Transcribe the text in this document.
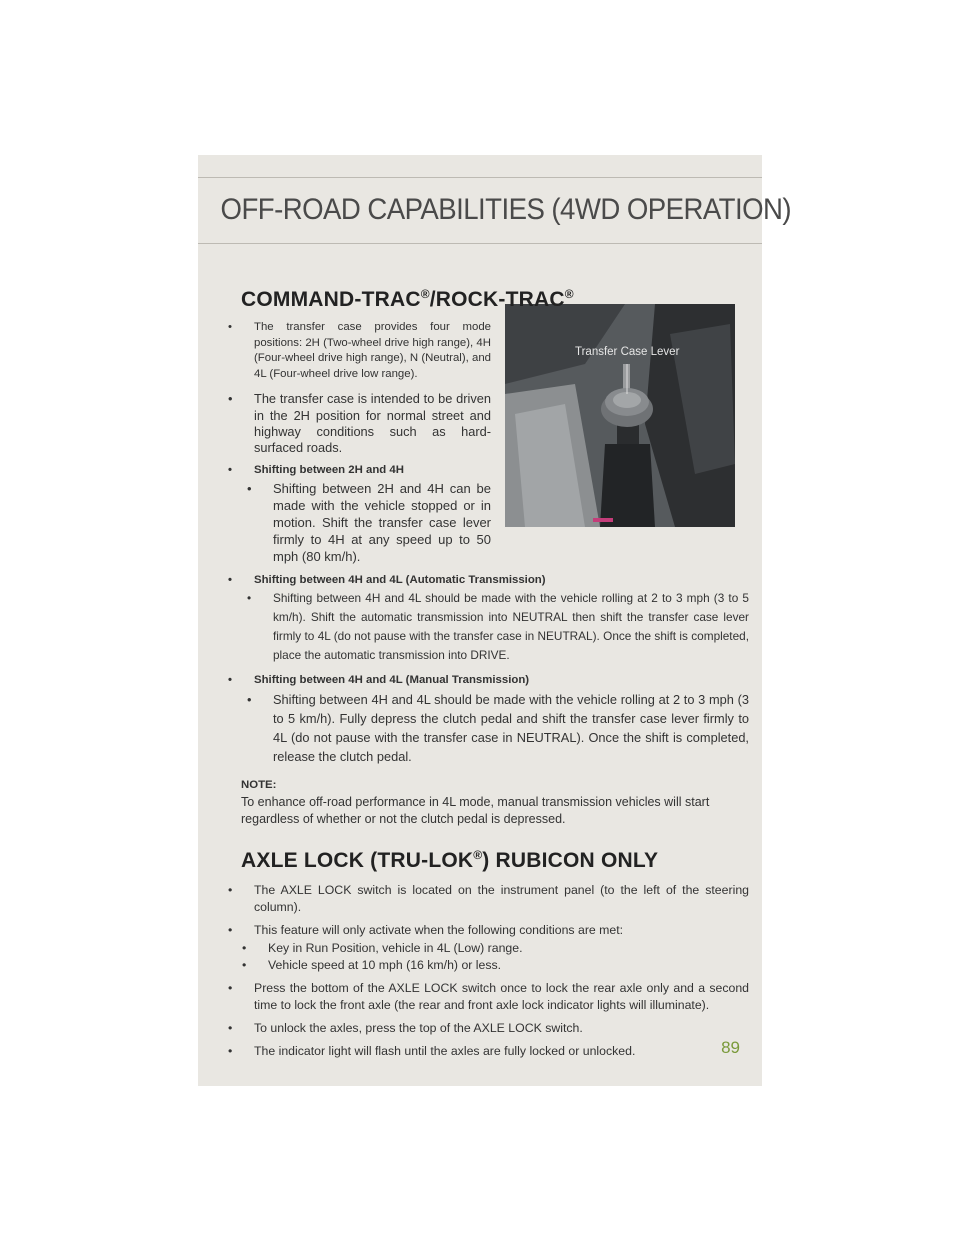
OFF-ROAD CAPABILITIES (4WD OPERATION)
Transfer Case Lever
COMMAND-TRAC®/ROCK-TRAC®

• The transfer case provides four mode positions: 2H (Two-wheel drive high range), 4H (Four-wheel drive high range), N (Neutral), and 4L (Four-wheel drive low range).

• The transfer case is intended to be driven in the 2H position for normal street and highway conditions such as hard-surfaced roads.

• Shifting between 2H and 4H

• Shifting between 2H and 4H can be made with the vehicle stopped or in motion. Shift the transfer case lever firmly to 4H at any speed up to 50 mph (80 km/h).

• Shifting between 4H and 4L (Automatic Transmission)

• Shifting between 4H and 4L should be made with the vehicle rolling at 2 to 3 mph (3 to 5 km/h). Shift the automatic transmission into NEUTRAL then shift the transfer case lever firmly to 4L (do not pause with the transfer case in NEUTRAL). Once the shift is completed, place the automatic transmission into DRIVE.

• Shifting between 4H and 4L (Manual Transmission)

• Shifting between 4H and 4L should be made with the vehicle rolling at 2 to 3 mph (3 to 5 km/h). Fully depress the clutch pedal and shift the transfer case lever firmly to 4L (do not pause with the transfer case in NEUTRAL). Once the shift is completed, release the clutch pedal.

NOTE:

To enhance off-road performance in 4L mode, manual transmission vehicles will start regardless of whether or not the clutch pedal is depressed.

AXLE LOCK (TRU-LOK®) RUBICON ONLY

• The AXLE LOCK switch is located on the instrument panel (to the left of the steering column).

• This feature will only activate when the following conditions are met:

• Key in Run Position, vehicle in 4L (Low) range.

• Vehicle speed at 10 mph (16 km/h) or less.

• Press the bottom of the AXLE LOCK switch once to lock the rear axle only and a second time to lock the front axle (the rear and front axle lock indicator lights will illuminate).

• To unlock the axles, press the top of the AXLE LOCK switch.

• The indicator light will flash until the axles are fully locked or unlocked.	89
